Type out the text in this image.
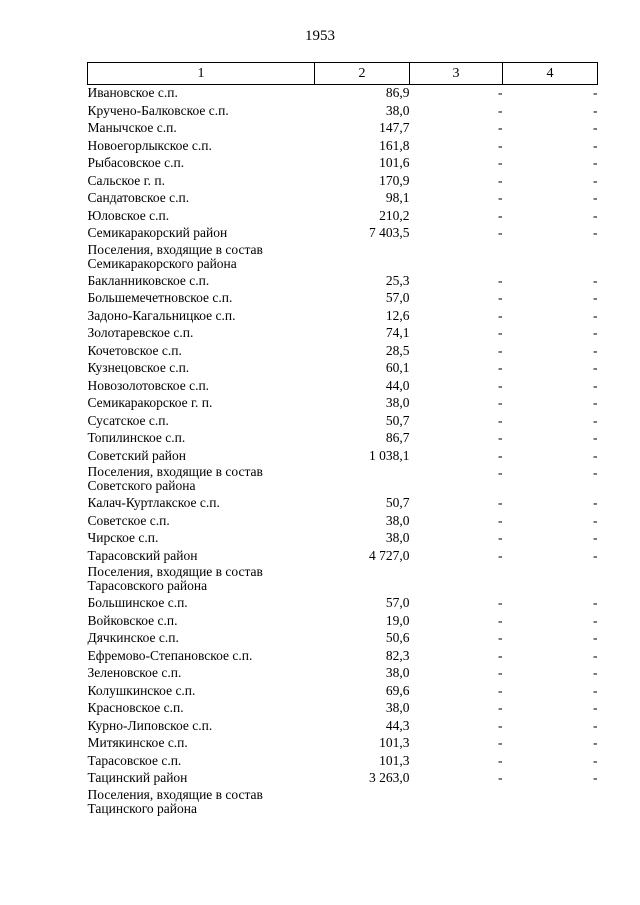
1953
1	2	3	4
Ивановское с.п.	86,9	-	-
Кручено-Балковское с.п.	38,0	-	-
Манычское с.п.	147,7	-	-
Новоегорлыкское с.п.	161,8	-	-
Рыбасовское с.п.	101,6	-	-
Сальское г. п.	170,9	-	-
Сандатовское с.п.	98,1	-	-
Юловское с.п.	210,2	-	-
Семикаракорский район	7 403,5	-	-
Поселения, входящие в состав Семикаракорского района			
Бакланниковское с.п.	25,3	-	-
Большемечетновское с.п.	57,0	-	-
Задоно-Кагальницкое с.п.	12,6	-	-
Золотаревское с.п.	74,1	-	-
Кочетовское с.п.	28,5	-	-
Кузнецовское с.п.	60,1	-	-
Новозолотовское с.п.	44,0	-	-
Семикаракорское г. п.	38,0	-	-
Сусатское с.п.	50,7	-	-
Топилинское с.п.	86,7	-	-
Советский район	1 038,1	-	-
Поселения, входящие в состав Советского района		-	-
Калач-Куртлакское с.п.	50,7	-	-
Советское с.п.	38,0	-	-
Чирское с.п.	38,0	-	-
Тарасовский район	4 727,0	-	-
Поселения, входящие в состав Тарасовского района			
Большинское с.п.	57,0	-	-
Войковское с.п.	19,0	-	-
Дячкинское с.п.	50,6	-	-
Ефремово-Степановское с.п.	82,3	-	-
Зеленовское с.п.	38,0	-	-
Колушкинское с.п.	69,6	-	-
Красновское с.п.	38,0	-	-
Курно-Липовское с.п.	44,3	-	-
Митякинское с.п.	101,3	-	-
Тарасовское с.п.	101,3	-	-
Тацинский район	3 263,0	-	-
Поселения, входящие в состав Тацинского района			
